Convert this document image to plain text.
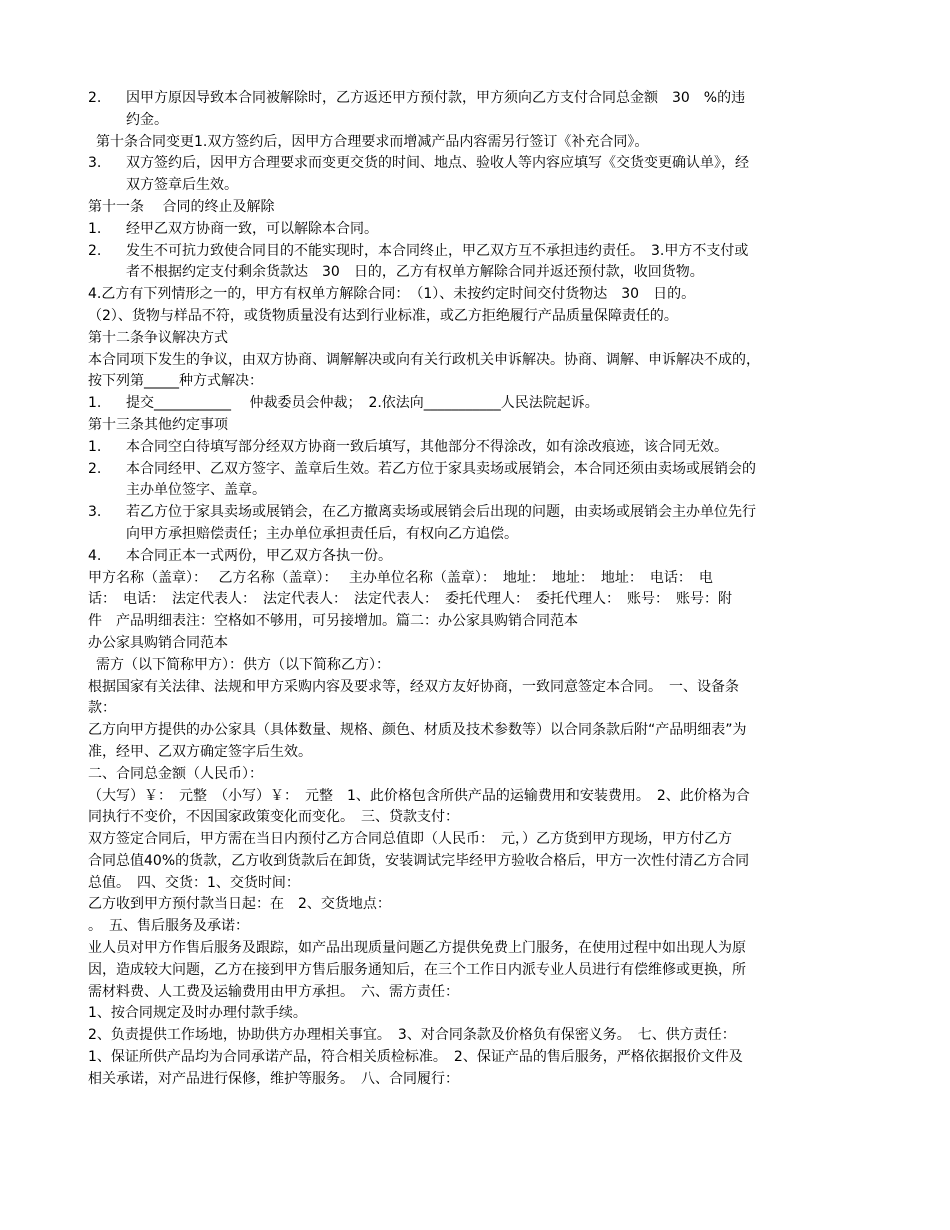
2. 因甲方原因导致本合同被解除时，乙方返还甲方预付款，甲方须向乙方支付合同总金额　30　%的违
约金。
第十条合同变更1.双方签约后，因甲方合理要求而增减产品内容需另行签订《补充合同》。
3. 双方签约后，因甲方合理要求而变更交货的时间、地点、验收人等内容应填写《交货变更确认单》，经
双方签章后生效。
第十一条　 合同的终止及解除
1. 经甲乙双方协商一致，可以解除本合同。
2. 发生不可抗力致使合同目的不能实现时，本合同终止，甲乙双方互不承担违约责任。　3.甲方不支付或
者不根据约定支付剩余货款达　30　日的，乙方有权单方解除合同并返还预付款，收回货物。
4.乙方有下列情形之一的，甲方有权单方解除合同：　（1）、未按约定时间交付货物达　30　日的。
（2）、货物与样品不符，或货物质量没有达到行业标准，或乙方拒绝履行产品质量保障责任的。
第十二条争议解决方式
本合同项下发生的争议，由双方协商、调解解决或向有关行政机关申诉解决。协商、调解、申诉解决不成的，
按下列第_____种方式解决：
1. 提交___________　 仲裁委员会仲裁；　2.依法向___________人民法院起诉。
第十三条其他约定事项
1. 本合同空白待填写部分经双方协商一致后填写，其他部分不得涂改，如有涂改痕迹，该合同无效。
2. 本合同经甲、乙双方签字、盖章后生效。若乙方位于家具卖场或展销会，本合同还须由卖场或展销会的
主办单位签字、盖章。
3. 若乙方位于家具卖场或展销会，在乙方撤离卖场或展销会后出现的问题，由卖场或展销会主办单位先行
向甲方承担赔偿责任；主办单位承担责任后，有权向乙方追偿。
4. 本合同正本一式两份，甲乙双方各执一份。
甲方名称（盖章）：　 乙方名称（盖章）：　 主办单位名称（盖章）：　地址：　地址：　地址：　电话：　电
话：　电话：　法定代表人：　法定代表人：　法定代表人：　委托代理人：　委托代理人：　账号：　账号：附
件　产品明细表注：空格如不够用，可另接增加。篇二：办公家具购销合同范本
办公家具购销合同范本
需方（以下简称甲方）：供方（以下简称乙方）：
根据国家有关法律、法规和甲方采购内容及要求等，经双方友好协商，一致同意签定本合同。　一、设备条
款：
乙方向甲方提供的办公家具（具体数量、规格、颜色、材质及技术参数等）以合同条款后附“产品明细表”为
准，经甲、乙双方确定签字后生效。
二、合同总金额（人民币）：
（大写）￥：　元整　（小写）￥：　元整　1、此价格包含所供产品的运输费用和安装费用。　2、此价格为合
同执行不变价，不因国家政策变化而变化。　三、贷款支付：
双方签定合同后，甲方需在当日内预付乙方合同总值即（人民币：　元，）乙方货到甲方现场，甲方付乙方
合同总值40%的货款，乙方收到货款后在卸货，安装调试完毕经甲方验收合格后，甲方一次性付清乙方合同
总值。　四、交货：1、交货时间：
乙方收到甲方预付款当日起：在　2、交货地点：
。　五、售后服务及承诺：
业人员对甲方作售后服务及跟踪，如产品出现质量问题乙方提供免费上门服务，在使用过程中如出现人为原
因，造成较大问题，乙方在接到甲方售后服务通知后，在三个工作日内派专业人员进行有偿维修或更换，所
需材料费、人工费及运输费用由甲方承担。　六、需方责任：
1、按合同规定及时办理付款手续。
2、负责提供工作场地，协助供方办理相关事宜。　3、对合同条款及价格负有保密义务。　七、供方责任：
1、保证所供产品均为合同承诺产品，符合相关质检标准。　2、保证产品的售后服务，严格依据报价文件及
相关承诺，对产品进行保修，维护等服务。　八、合同履行：
